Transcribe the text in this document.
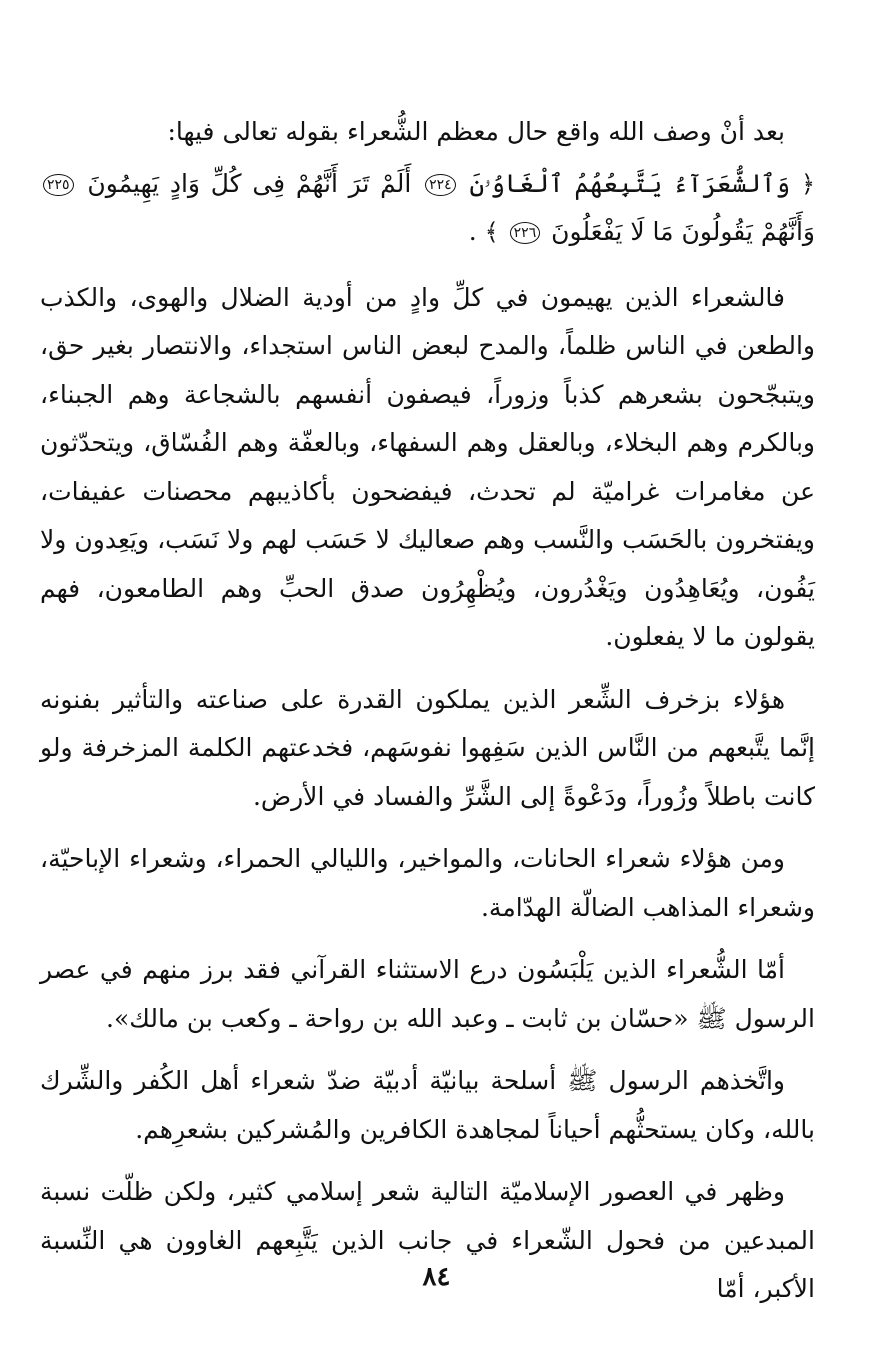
بعد أنْ وصف الله واقع حال معظم الشُّعراء بقوله تعالى فيها:

﴿ وَٱلشُّعَرَآءُ يَتَّبِعُهُمُ ٱلْغَاوُۥنَ ٢٢٤ أَلَمْ تَرَ أَنَّهُمْ فِى كُلِّ وَادٍ يَهِيمُونَ ٢٢٥ وَأَنَّهُمْ يَقُولُونَ مَا لَا يَفْعَلُونَ ٢٢٦ ﴾ .

فالشعراء الذين يهيمون في كلِّ وادٍ من أودية الضلال والهوى، والكذب والطعن في الناس ظلماً، والمدح لبعض الناس استجداء، والانتصار بغير حق، ويتبجّحون بشعرهم كذباً وزوراً، فيصفون أنفسهم بالشجاعة وهم الجبناء، وبالكرم وهم البخلاء، وبالعقل وهم السفهاء، وبالعفّة وهم الفُسّاق، ويتحدّثون عن مغامرات غراميّة لم تحدث، فيفضحون بأكاذيبهم محصنات عفيفات، ويفتخرون بالحَسَب والنَّسب وهم صعاليك لا حَسَب لهم ولا نَسَب، ويَعِدون ولا يَفُون، ويُعَاهِدُون ويَغْدُرون، ويُظْهِرُون صدق الحبِّ وهم الطامعون، فهم يقولون ما لا يفعلون.

هؤلاء بزخرف الشِّعر الذين يملكون القدرة على صناعته والتأثير بفنونه إنَّما يتَّبعهم من النَّاس الذين سَفِهوا نفوسَهم، فخدعتهم الكلمة المزخرفة ولو كانت باطلاً وزُوراً، ودَعْوةً إلى الشَّرِّ والفساد في الأرض.

ومن هؤلاء شعراء الحانات، والمواخير، والليالي الحمراء، وشعراء الإباحيّة، وشعراء المذاهب الضالّة الهدّامة.

أمّا الشُّعراء الذين يَلْبَسُون درع الاستثناء القرآني فقد برز منهم في عصر الرسول ﷺ «حسّان بن ثابت ـ وعبد الله بن رواحة ـ وكعب بن مالك».

واتَّخذهم الرسول ﷺ أسلحة بيانيّة أدبيّة ضدّ شعراء أهل الكُفر والشِّرك بالله، وكان يستحثُّهم أحياناً لمجاهدة الكافرين والمُشركين بشعرِهم.

وظهر في العصور الإسلاميّة التالية شعر إسلامي كثير، ولكن ظلّت نسبة المبدعين من فحول الشّعراء في جانب الذين يَتَّبِعهم الغاوون هي النِّسبة الأكبر، أمّا

٨٤
